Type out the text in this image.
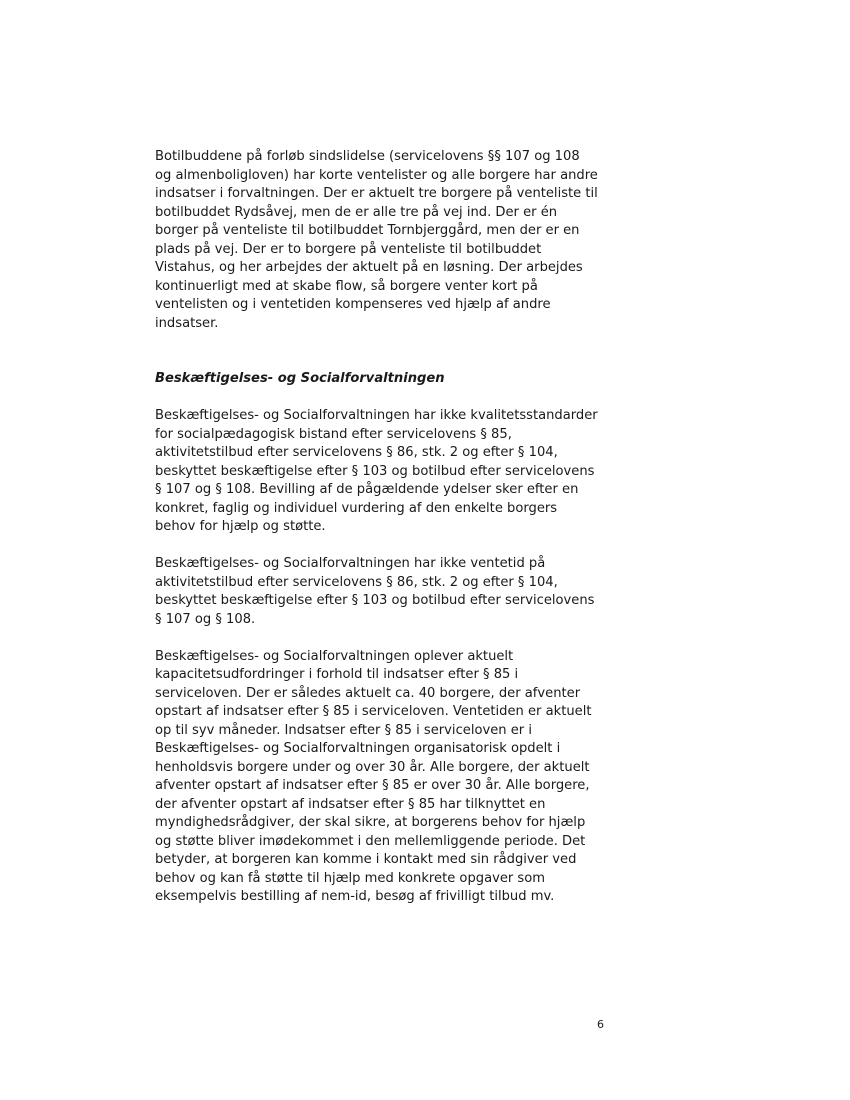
Botilbuddene på forløb sindslidelse (servicelovens §§ 107 og 108
og almenboligloven) har korte ventelister og alle borgere har andre
indsatser i forvaltningen. Der er aktuelt tre borgere på venteliste til
botilbuddet Rydsåvej, men de er alle tre på vej ind. Der er én
borger på venteliste til botilbuddet Tornbjerggård, men der er en
plads på vej. Der er to borgere på venteliste til botilbuddet
Vistahus, og her arbejdes der aktuelt på en løsning. Der arbejdes
kontinuerligt med at skabe flow, så borgere venter kort på
ventelisten og i ventetiden kompenseres ved hjælp af andre
indsatser.

Beskæftigelses- og Socialforvaltningen

Beskæftigelses- og Socialforvaltningen har ikke kvalitetsstandarder
for socialpædagogisk bistand efter servicelovens § 85,
aktivitetstilbud efter servicelovens § 86, stk. 2 og efter § 104,
beskyttet beskæftigelse efter § 103 og botilbud efter servicelovens
§ 107 og § 108. Bevilling af de pågældende ydelser sker efter en
konkret, faglig og individuel vurdering af den enkelte borgers
behov for hjælp og støtte.

Beskæftigelses- og Socialforvaltningen har ikke ventetid på
aktivitetstilbud efter servicelovens § 86, stk. 2 og efter § 104,
beskyttet beskæftigelse efter § 103 og botilbud efter servicelovens
§ 107 og § 108.

Beskæftigelses- og Socialforvaltningen oplever aktuelt
kapacitetsudfordringer i forhold til indsatser efter § 85 i
serviceloven. Der er således aktuelt ca. 40 borgere, der afventer
opstart af indsatser efter § 85 i serviceloven. Ventetiden er aktuelt
op til syv måneder. Indsatser efter § 85 i serviceloven er i
Beskæftigelses- og Socialforvaltningen organisatorisk opdelt i
henholdsvis borgere under og over 30 år. Alle borgere, der aktuelt
afventer opstart af indsatser efter § 85 er over 30 år. Alle borgere,
der afventer opstart af indsatser efter § 85 har tilknyttet en
myndighedsrådgiver, der skal sikre, at borgerens behov for hjælp
og støtte bliver imødekommet i den mellemliggende periode. Det
betyder, at borgeren kan komme i kontakt med sin rådgiver ved
behov og kan få støtte til hjælp med konkrete opgaver som
eksempelvis bestilling af nem-id, besøg af frivilligt tilbud mv.

6
